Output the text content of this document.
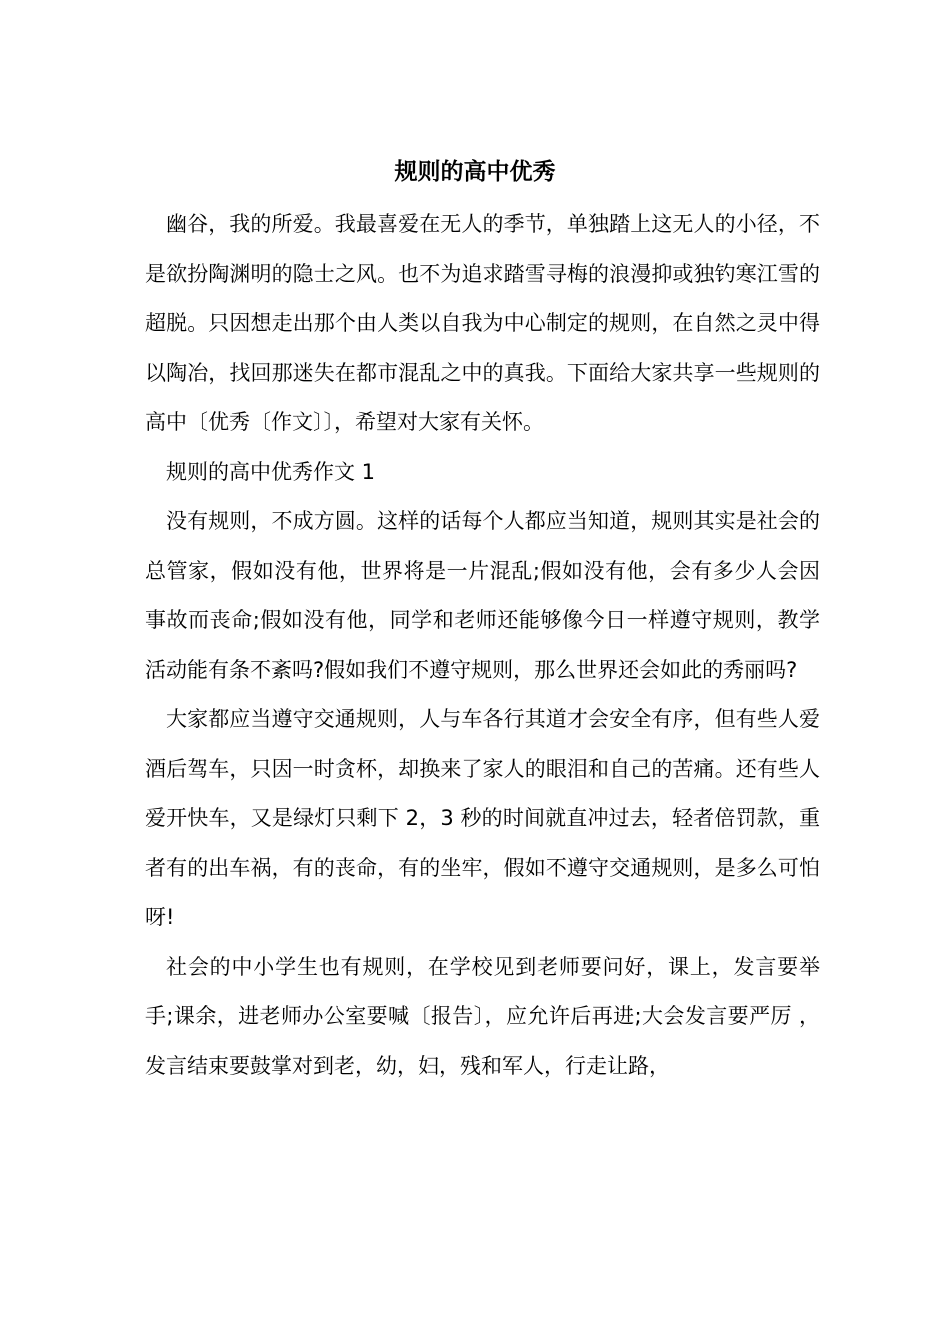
规则的高中优秀

幽谷，我的所爱。我最喜爱在无人的季节，单独踏上这无人的小径，不是欲扮陶渊明的隐士之风。也不为追求踏雪寻梅的浪漫抑或独钓寒江雪的超脱。只因想走出那个由人类以自我为中心制定的规则，在自然之灵中得以陶冶，找回那迷失在都市混乱之中的真我。下面给大家共享一些规则的高中〔优秀〔作文〕〕，希望对大家有关怀。

规则的高中优秀作文 1

没有规则，不成方圆。这样的话每个人都应当知道，规则其实是社会的总管家，假如没有他，世界将是一片混乱;假如没有他，会有多少人会因事故而丧命;假如没有他，同学和老师还能够像今日一样遵守规则，教学活动能有条不紊吗?假如我们不遵守规则，那么世界还会如此的秀丽吗?

大家都应当遵守交通规则，人与车各行其道才会安全有序，但有些人爱酒后驾车，只因一时贪杯，却换来了家人的眼泪和自己的苦痛。还有些人爱开快车，又是绿灯只剩下 2，3 秒的时间就直冲过去，轻者倍罚款，重者有的出车祸，有的丧命，有的坐牢，假如不遵守交通规则，是多么可怕呀!

社会的中小学生也有规则，在学校见到老师要问好，课上，发言要举手;课余，进老师办公室要喊〔报告〕，应允许后再进;大会发言要严厉 ，发言结束要鼓掌对到老，幼，妇，残和军人，行走让路，
